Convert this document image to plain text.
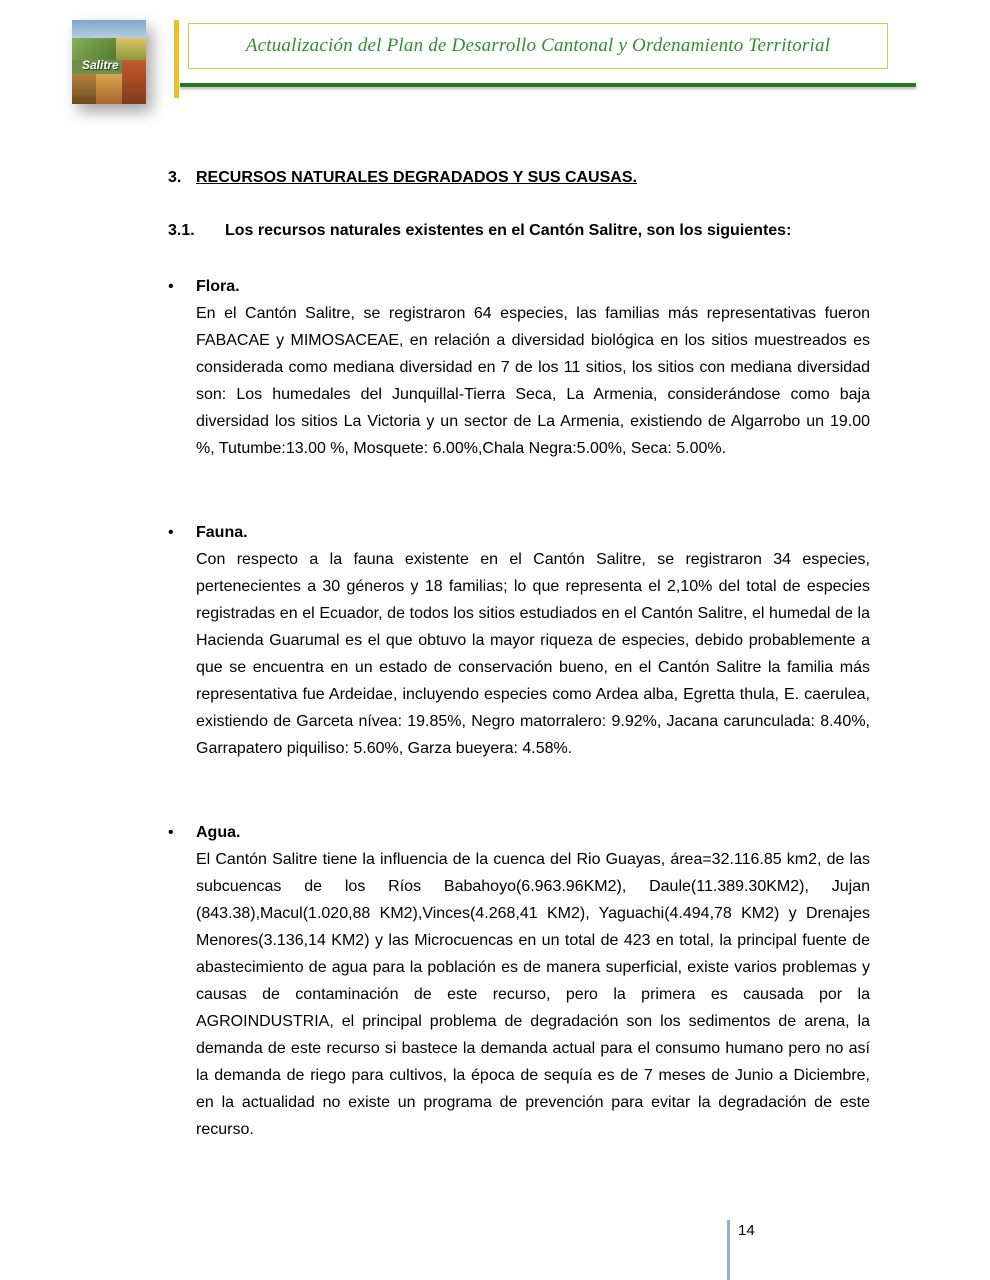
Salitre
Actualización del Plan de Desarrollo Cantonal y Ordenamiento Territorial
3. RECURSOS NATURALES DEGRADADOS Y SUS CAUSAS.
3.1. Los recursos naturales existentes en el Cantón Salitre, son los siguientes:
•	Flora.
En el Cantón Salitre, se registraron 64 especies, las familias más representativas fueron FABACAE y MIMOSACEAE, en relación a diversidad biológica en los sitios muestreados es considerada como mediana diversidad en 7 de los 11 sitios, los sitios con mediana diversidad son: Los humedales del Junquillal-Tierra Seca, La Armenia, considerándose como baja diversidad los sitios La Victoria y un sector de La Armenia, existiendo de Algarrobo un 19.00 %, Tutumbe:13.00 %, Mosquete: 6.00%,Chala Negra:5.00%, Seca: 5.00%.
•	Fauna.
Con respecto a la fauna existente en el Cantón Salitre, se registraron 34 especies, pertenecientes a 30 géneros y 18 familias; lo que representa el 2,10% del total de especies registradas en el Ecuador, de todos los sitios estudiados en el Cantón Salitre, el humedal de la Hacienda Guarumal es el que obtuvo la mayor riqueza de especies, debido probablemente a que se encuentra en un estado de conservación bueno, en el Cantón Salitre la familia más representativa fue Ardeidae, incluyendo especies como Ardea alba, Egretta thula, E. caerulea, existiendo de Garceta nívea: 19.85%, Negro matorralero: 9.92%, Jacana carunculada: 8.40%, Garrapatero piquiliso: 5.60%, Garza bueyera: 4.58%.
•	Agua.
El Cantón Salitre tiene la influencia de la cuenca del Rio Guayas, área=32.116.85 km2, de las subcuencas de los Ríos Babahoyo(6.963.96KM2), Daule(11.389.30KM2), Jujan (843.38),Macul(1.020,88 KM2),Vinces(4.268,41 KM2), Yaguachi(4.494,78 KM2) y Drenajes Menores(3.136,14 KM2) y las Microcuencas en un total de 423 en total, la principal fuente de abastecimiento de agua para la población es de manera superficial, existe varios problemas y causas de contaminación de este recurso, pero la primera es causada por la AGROINDUSTRIA, el principal problema de degradación son los sedimentos de arena, la demanda de este recurso si bastece la demanda actual para el consumo humano pero no así la demanda de riego para cultivos, la época de sequía es de 7 meses de Junio a Diciembre, en la actualidad no existe un programa de prevención para evitar la degradación de este recurso.
14
